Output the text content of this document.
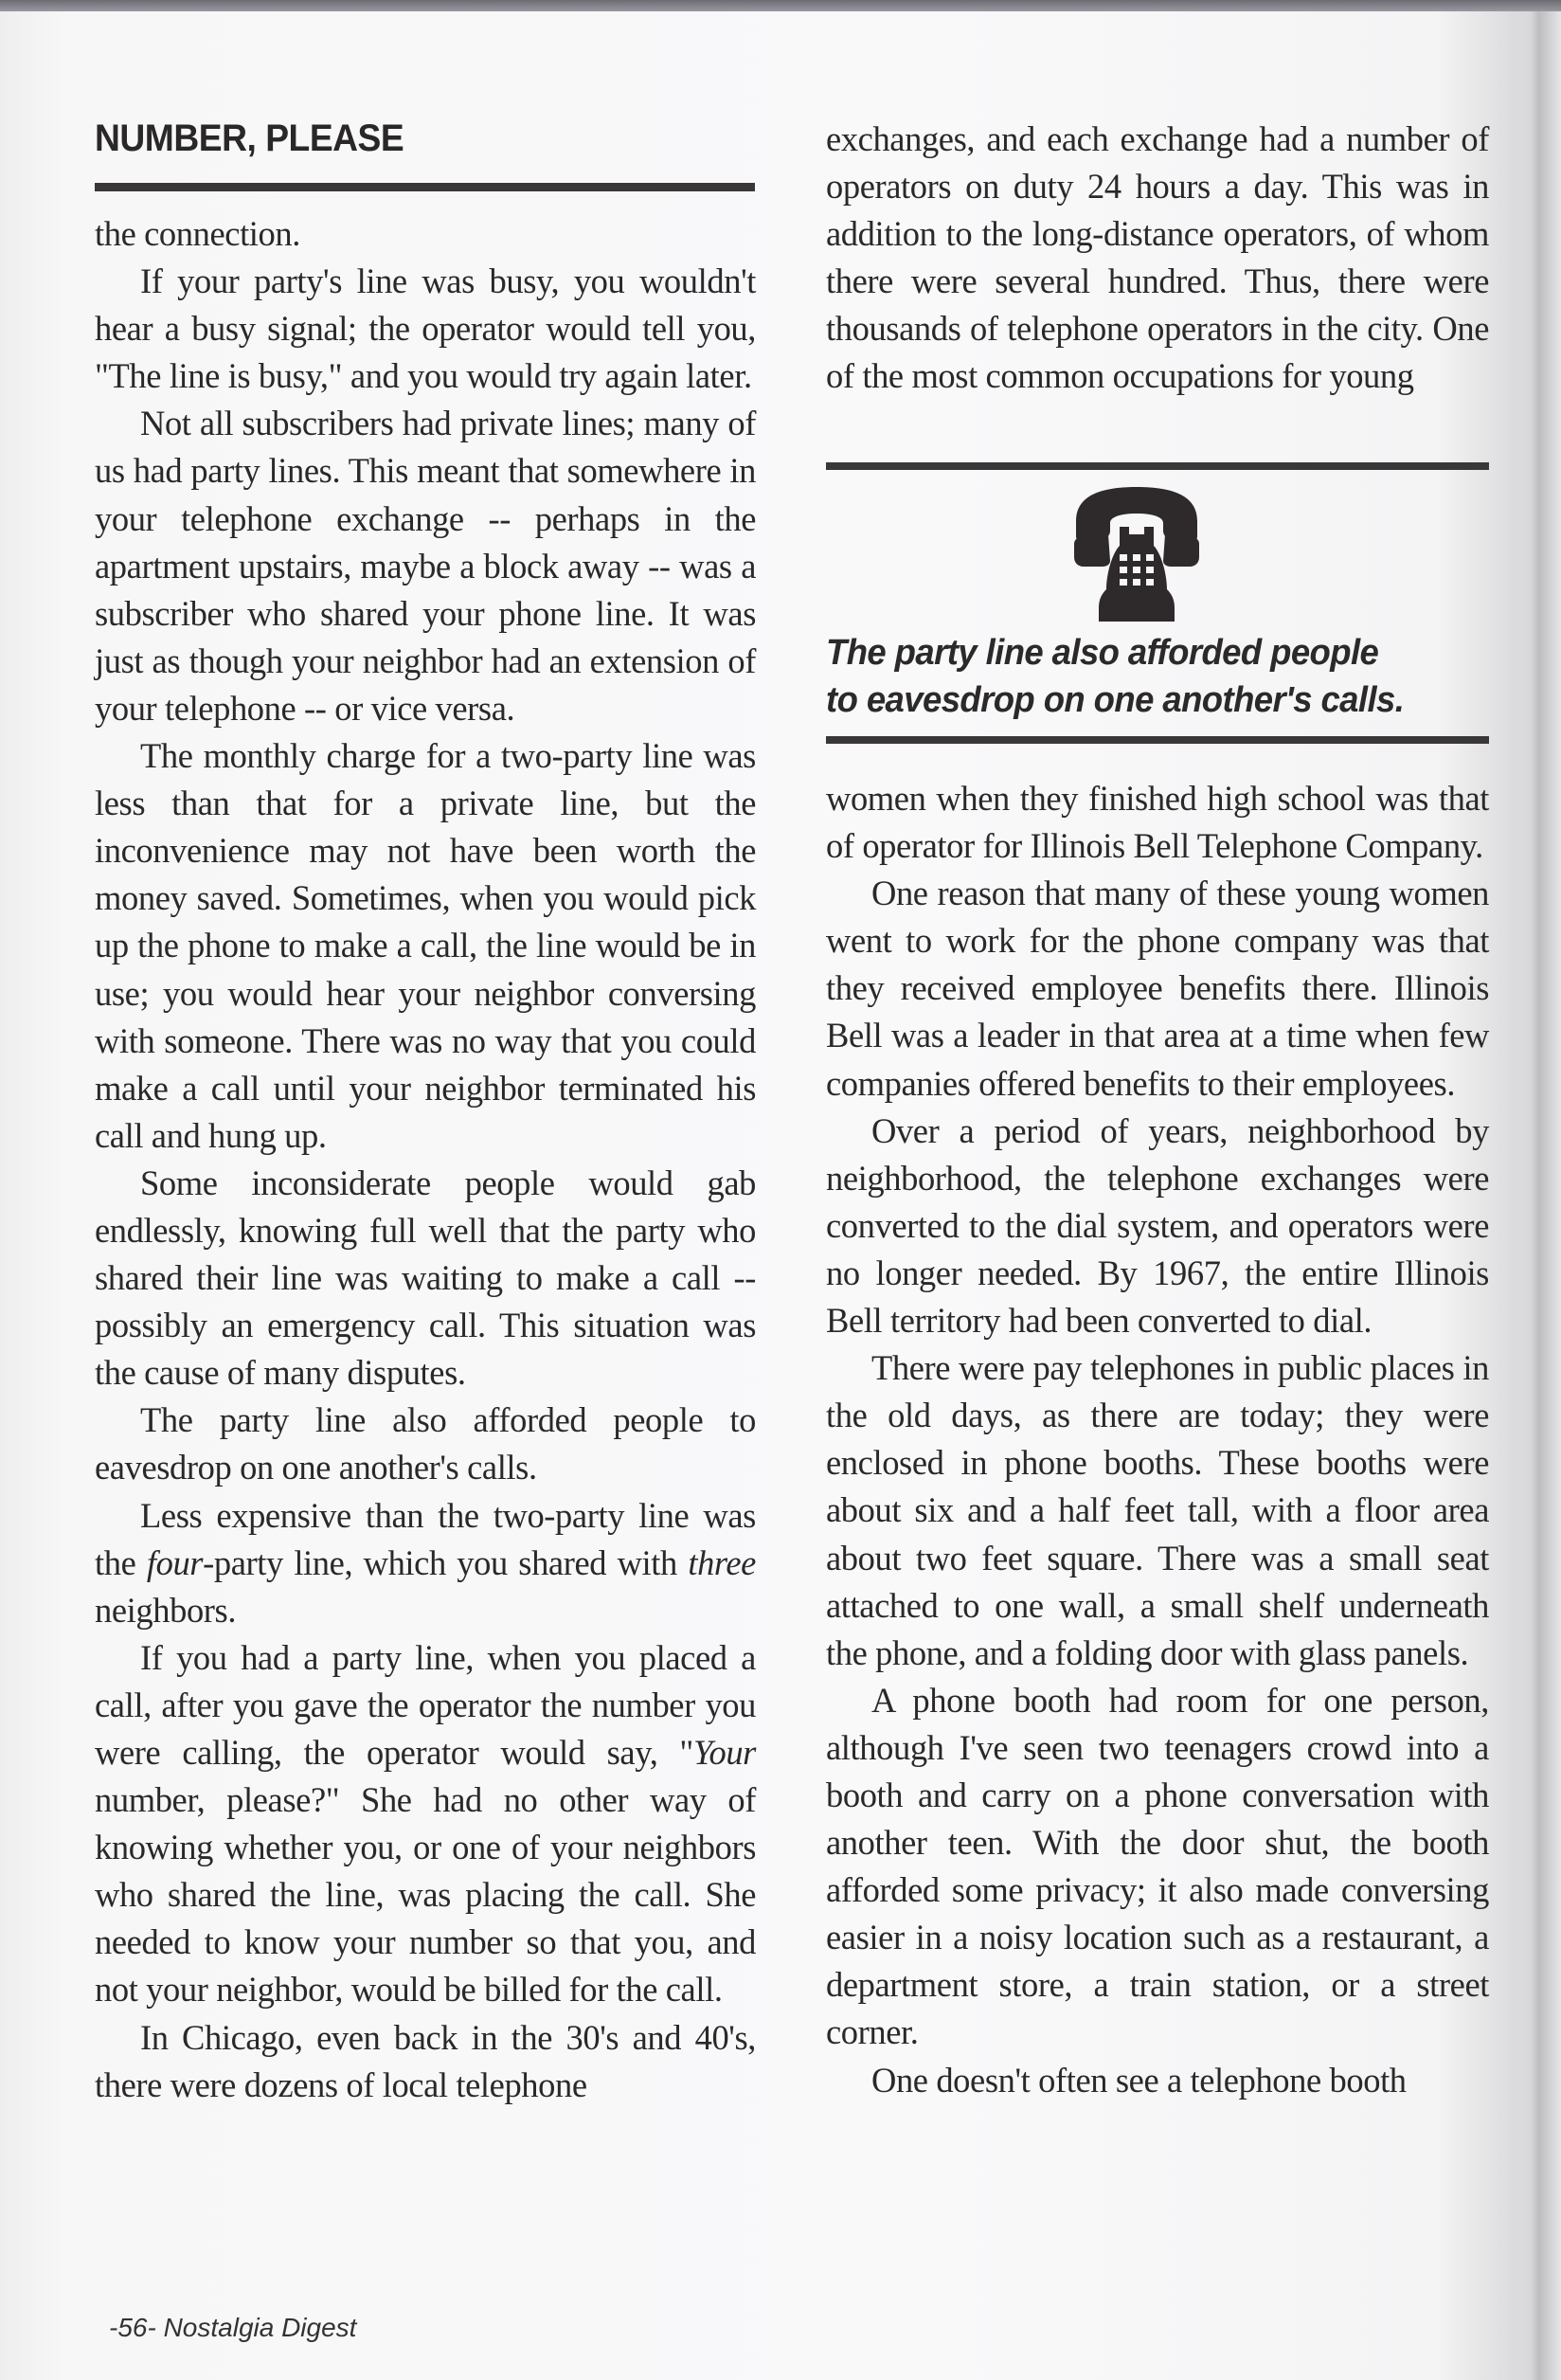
NUMBER, PLEASE

the connection.

If your party's line was busy, you wouldn't hear a busy signal; the operator would tell you, "The line is busy," and you would try again later.

Not all subscribers had private lines; many of us had party lines. This meant that somewhere in your telephone exchange -- perhaps in the apartment upstairs, maybe a block away -- was a subscriber who shared your phone line. It was just as though your neighbor had an extension of your telephone -- or vice versa.

The monthly charge for a two-party line was less than that for a private line, but the inconvenience may not have been worth the money saved. Sometimes, when you would pick up the phone to make a call, the line would be in use; you would hear your neighbor conversing with someone. There was no way that you could make a call until your neighbor terminated his call and hung up.

Some inconsiderate people would gab endlessly, knowing full well that the party who shared their line was waiting to make a call -- possibly an emergency call. This situation was the cause of many disputes.

The party line also afforded people to eavesdrop on one another's calls.

Less expensive than the two-party line was the four-party line, which you shared with three neighbors.

If you had a party line, when you placed a call, after you gave the operator the number you were calling, the operator would say, "Your number, please?" She had no other way of knowing whether you, or one of your neighbors who shared the line, was placing the call. She needed to know your number so that you, and not your neighbor, would be billed for the call.

In Chicago, even back in the 30's and 40's, there were dozens of local telephone

exchanges, and each exchange had a number of operators on duty 24 hours a day. This was in addition to the long-distance operators, of whom there were several hundred. Thus, there were thousands of telephone operators in the city. One of the most common occupations for young

The party line also afforded people
to eavesdrop on one another's calls.

women when they finished high school was that of operator for Illinois Bell Telephone Company.

One reason that many of these young women went to work for the phone company was that they received employee benefits there. Illinois Bell was a leader in that area at a time when few companies offered benefits to their employees.

Over a period of years, neighborhood by neighborhood, the telephone exchanges were converted to the dial system, and operators were no longer needed. By 1967, the entire Illinois Bell territory had been converted to dial.

There were pay telephones in public places in the old days, as there are today; they were enclosed in phone booths. These booths were about six and a half feet tall, with a floor area about two feet square. There was a small seat attached to one wall, a small shelf underneath the phone, and a folding door with glass panels.

A phone booth had room for one person, although I've seen two teenagers crowd into a booth and carry on a phone conversation with another teen. With the door shut, the booth afforded some privacy; it also made conversing easier in a noisy location such as a restaurant, a department store, a train station, or a street corner.

One doesn't often see a telephone booth

-56- Nostalgia Digest
